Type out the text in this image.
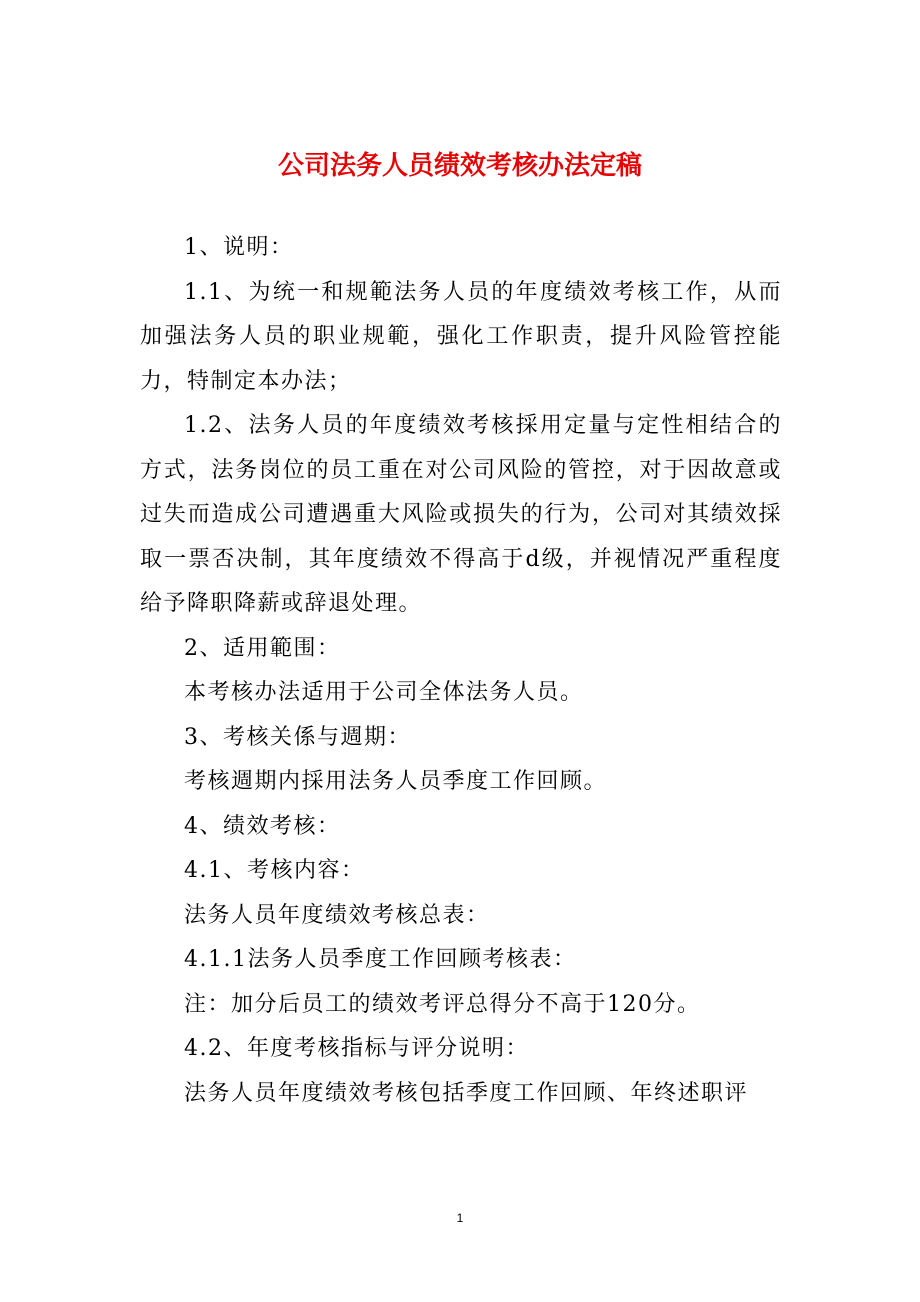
公司法务人员绩效考核办法定稿

1、说明：

1.1、为统一和规範法务人员的年度绩效考核工作，从而加强法务人员的职业规範，强化工作职责，提升风险管控能力，特制定本办法；

1.2、法务人员的年度绩效考核採用定量与定性相结合的方式，法务岗位的员工重在对公司风险的管控，对于因故意或过失而造成公司遭遇重大风险或损失的行为，公司对其绩效採取一票否决制，其年度绩效不得高于d级，并视情况严重程度给予降职降薪或辞退处理。

2、适用範围：

本考核办法适用于公司全体法务人员。

3、考核关係与週期：

考核週期内採用法务人员季度工作回顾。

4、绩效考核：

4.1、考核内容：

法务人员年度绩效考核总表：

4.1.1法务人员季度工作回顾考核表：

注：加分后员工的绩效考评总得分不高于120分。

4.2、年度考核指标与评分说明：

法务人员年度绩效考核包括季度工作回顾、年终述职评

1
